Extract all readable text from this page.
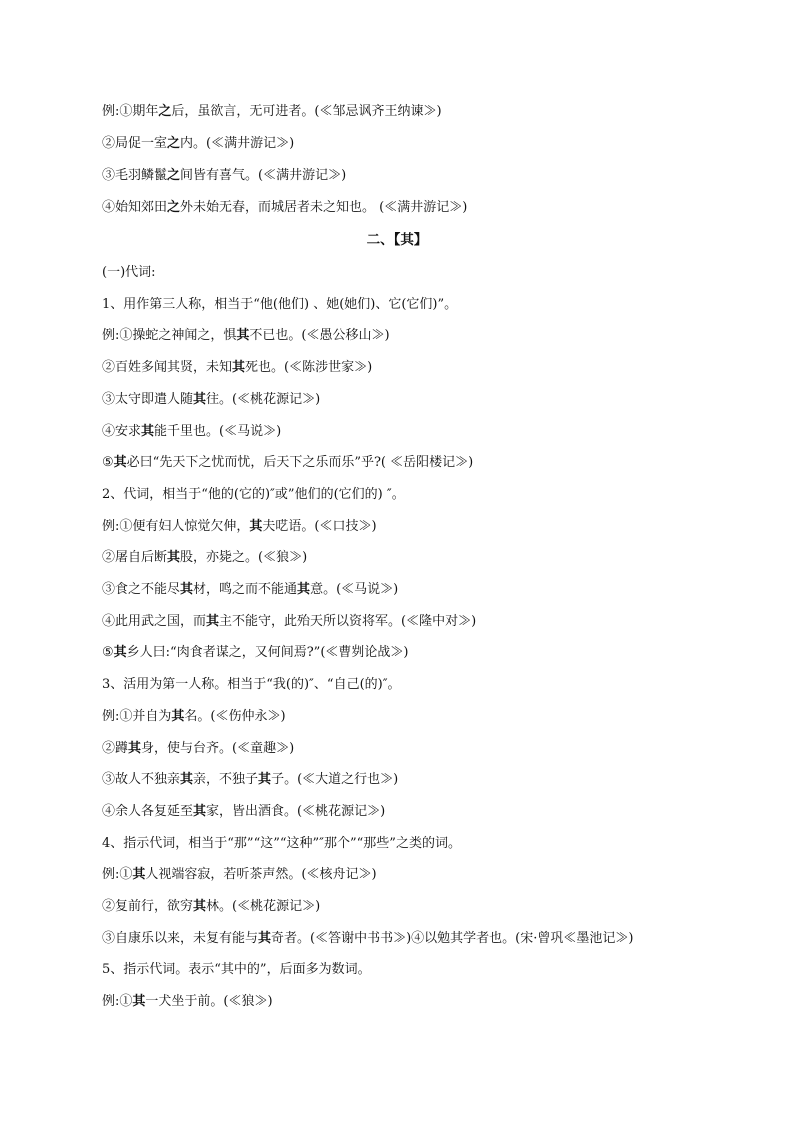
例:①期年之后，虽欲言，无可进者。(≪邹忌讽齐王纳谏≫)
②局促一室之内。(≪满井游记≫)
③毛羽鳞鬣之间皆有喜气。(≪满井游记≫)
④始知郊田之外未始无春，而城居者未之知也。 (≪满井游记≫)
二、【其】
(一)代词:
1、用作第三人称，相当于“他(他们) 、她(她们)、它(它们)”。
例:①操蛇之神闻之，惧其不已也。(≪愚公移山≫)
②百姓多闻其贤，未知其死也。(≪陈涉世家≫)
③太守即遣人随其往。(≪桃花源记≫)
④安求其能千里也。(≪马说≫)
⑤其必曰“先天下之忧而忧，后天下之乐而乐”乎?( ≪岳阳楼记≫)
2、代词，相当于“他的(它的)″或”他们的(它们的) ″。
例:①便有妇人惊觉欠伸，其夫呓语。(≪口技≫)
②屠自后断其股，亦毙之。(≪狼≫)
③食之不能尽其材，鸣之而不能通其意。(≪马说≫)
④此用武之国，而其主不能守，此殆天所以资将军。(≪隆中对≫)
⑤其乡人曰:“肉食者谋之，又何间焉?”(≪曹刿论战≫)
3、活用为第一人称。相当于“我(的)″、“自己(的)″。
例:①并自为其名。(≪伤仲永≫)
②蹲其身，使与台齐。(≪童趣≫)
③故人不独亲其亲，不独子其子。(≪大道之行也≫)
④余人各复延至其家，皆出酒食。(≪桃花源记≫)
4、指示代词，相当于“那”“这”“这种”″那个”“那些”之类的词。
例:①其人视端容寂，若听茶声然。(≪核舟记≫)
②复前行，欲穷其林。(≪桃花源记≫)
③自康乐以来，未复有能与其奇者。(≪答谢中书书≫)④以勉其学者也。(宋·曾巩≪墨池记≫)
5、指示代词。表示“其中的”，后面多为数词。
例:①其一犬坐于前。(≪狼≫)
